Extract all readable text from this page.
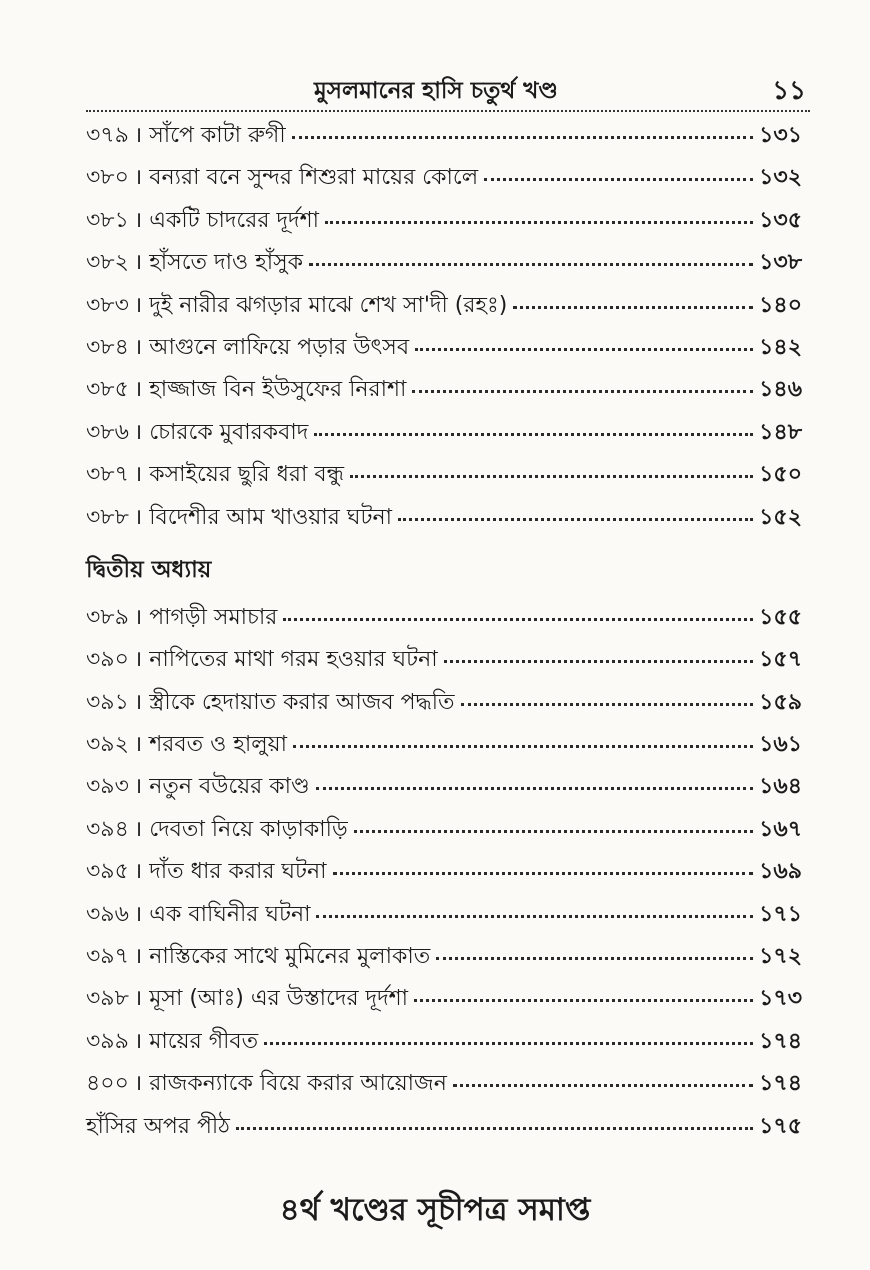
মুসলমানের হাসি চতুর্থ খণ্ড	১১
৩৭৯ । সাঁপে কাটা রুগী	১৩১
৩৮০ । বন্যরা বনে সুন্দর শিশুরা মায়ের কোলে	১৩২
৩৮১ । একটি চাদরের দূর্দশা	১৩৫
৩৮২ । হাঁসতে দাও হাঁসুক	১৩৮
৩৮৩ । দুই নারীর ঝগড়ার মাঝে শেখ সা'দী (রহঃ)	১৪০
৩৮৪ । আগুনে লাফিয়ে পড়ার উৎসব	১৪২
৩৮৫ । হাজ্জাজ বিন ইউসুফের নিরাশা	১৪৬
৩৮৬ । চোরকে মুবারকবাদ	১৪৮
৩৮৭ । কসাইয়ের ছুরি ধরা বন্ধু	১৫০
৩৮৮ । বিদেশীর আম খাওয়ার ঘটনা	১৫২
দ্বিতীয় অধ্যায়
৩৮৯ । পাগড়ী সমাচার	১৫৫
৩৯০ । নাপিতের মাথা গরম হওয়ার ঘটনা	১৫৭
৩৯১ । স্ত্রীকে হেদায়াত করার আজব পদ্ধতি	১৫৯
৩৯২ । শরবত ও হালুয়া	১৬১
৩৯৩ । নতুন বউয়ের কাণ্ড	১৬৪
৩৯৪ । দেবতা নিয়ে কাড়াকাড়ি	১৬৭
৩৯৫ । দাঁত ধার করার ঘটনা	১৬৯
৩৯৬ । এক বাঘিনীর ঘটনা	১৭১
৩৯৭ । নাস্তিকের সাথে মুমিনের মুলাকাত	১৭২
৩৯৮ । মূসা (আঃ) এর উস্তাদের দূর্দশা	১৭৩
৩৯৯ । মায়ের গীবত	১৭৪
৪০০ । রাজকন্যাকে বিয়ে করার আয়োজন	১৭৪
হাঁসির অপর পীঠ	১৭৫
৪র্থ খণ্ডের সূচীপত্র সমাপ্ত
